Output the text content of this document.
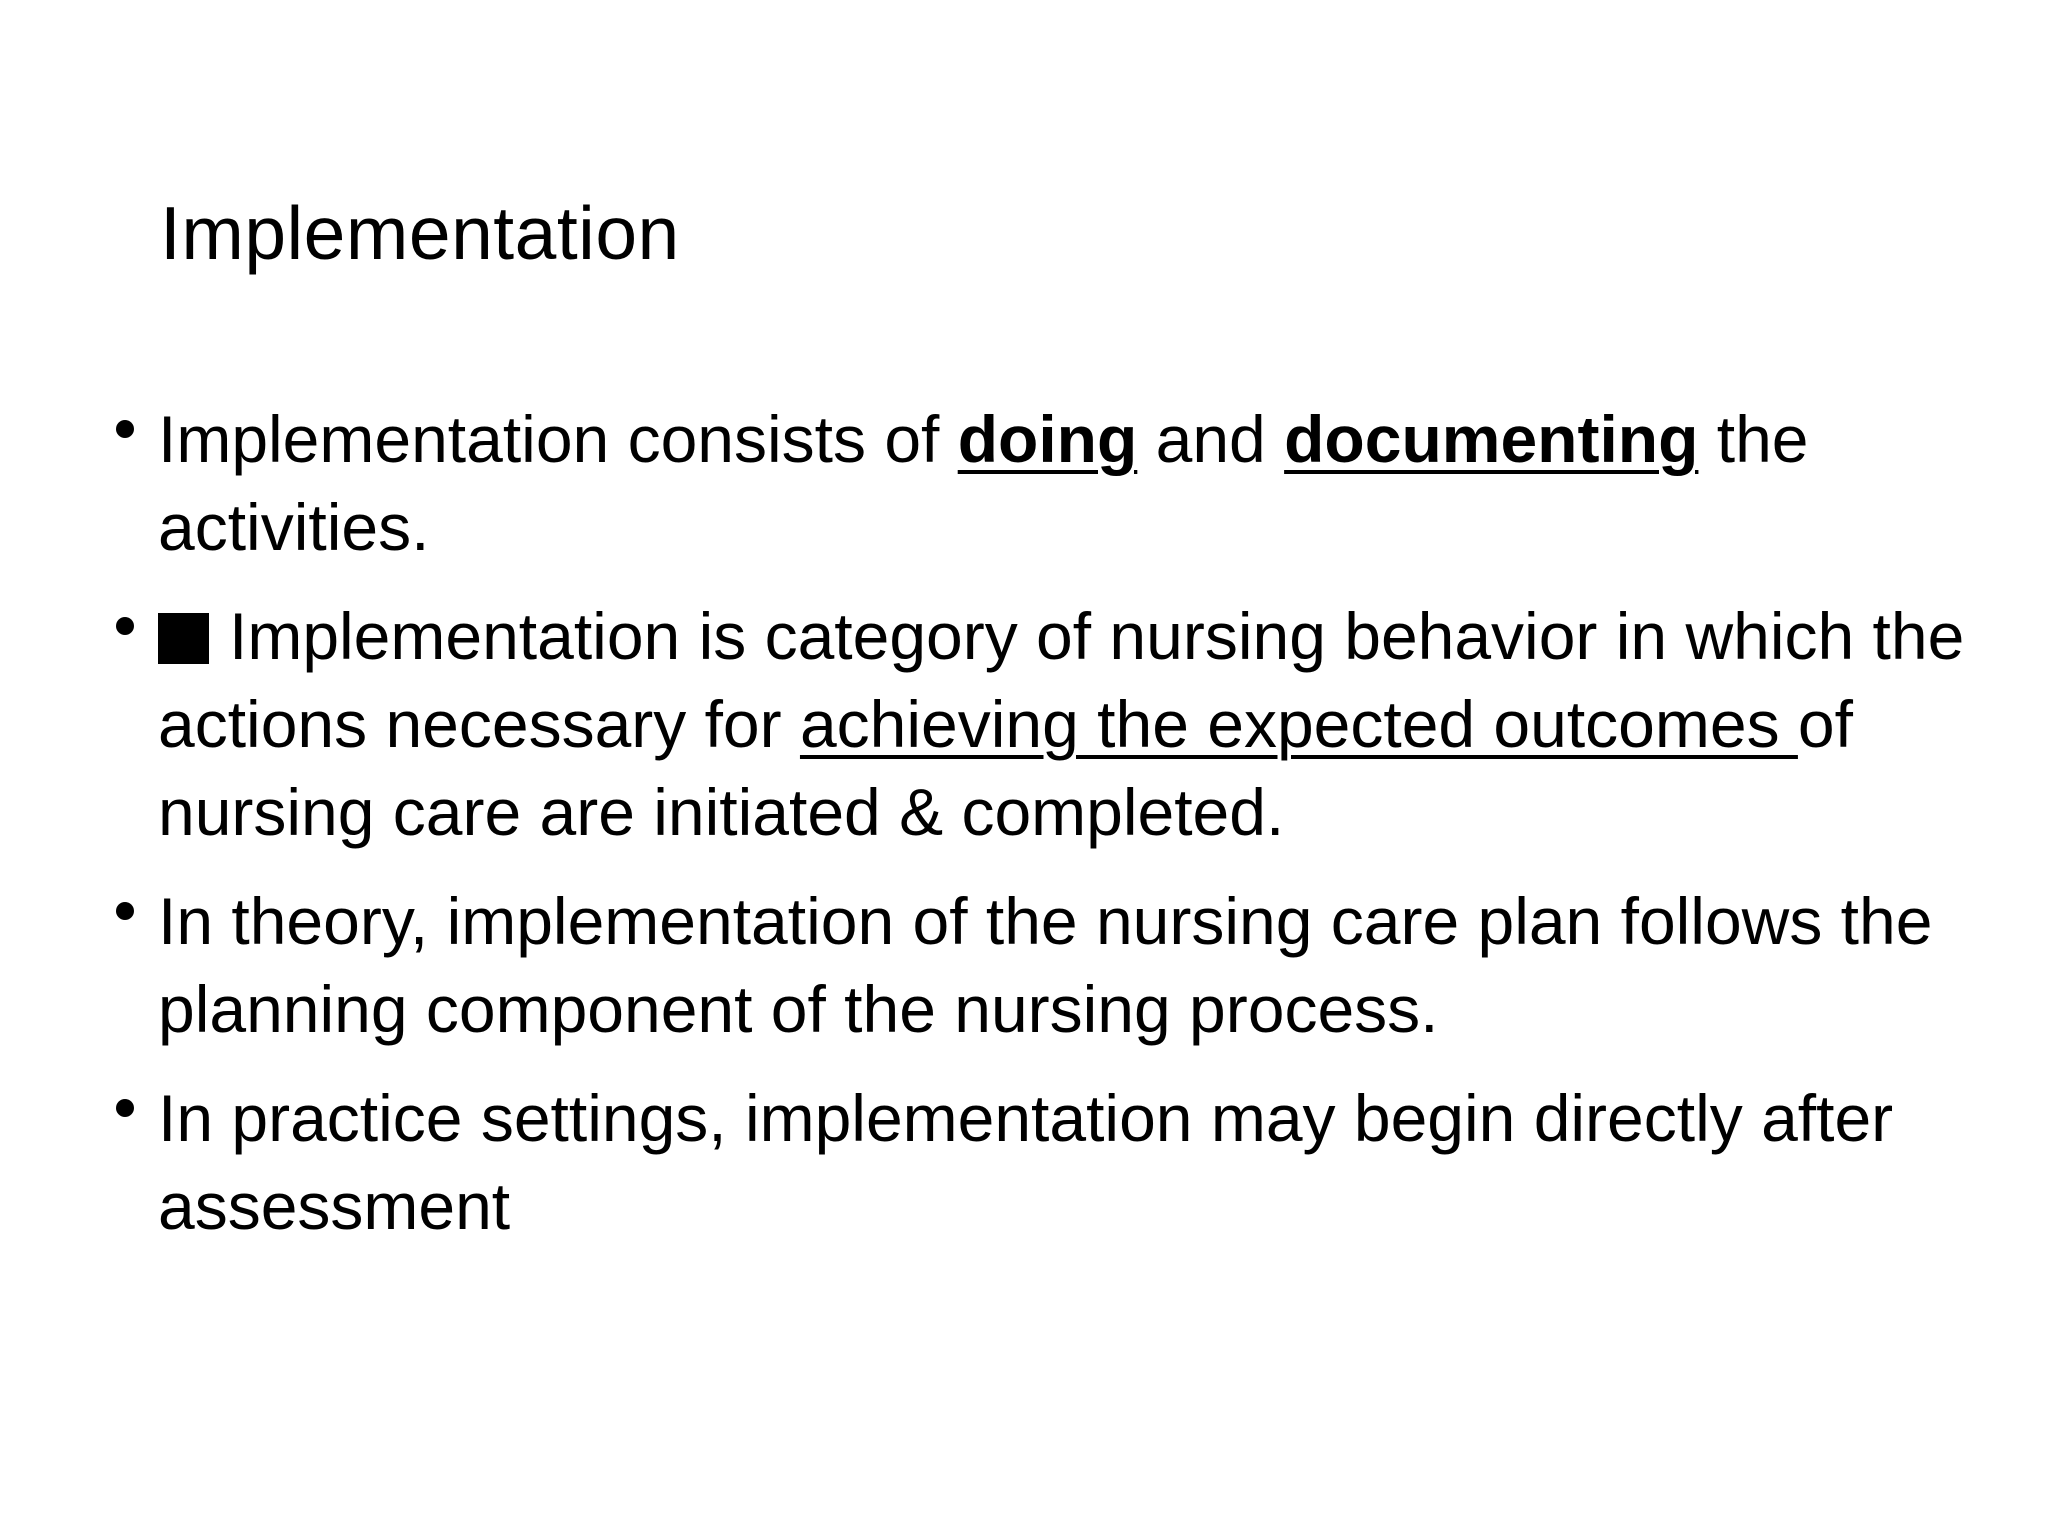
Implementation
Implementation consists of doing and documenting the activities.
Implementation is category of nursing behavior in which the actions necessary for achieving the expected outcomes of nursing care are initiated & completed.
In theory, implementation of the nursing care plan follows the planning component of the nursing process.
In practice settings, implementation may begin directly after assessment
